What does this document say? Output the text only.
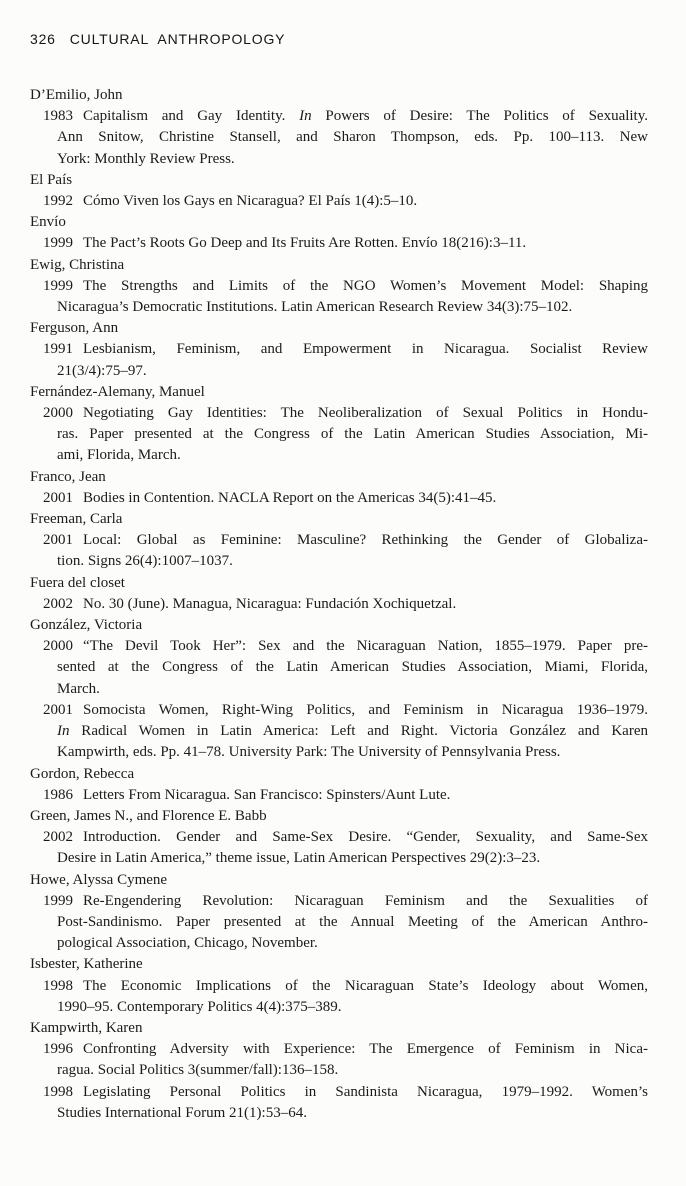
326 CULTURAL ANTHROPOLOGY
D’Emilio, John
1983 Capitalism and Gay Identity. In Powers of Desire: The Politics of Sexuality.
Ann Snitow, Christine Stansell, and Sharon Thompson, eds. Pp. 100–113. New
York: Monthly Review Press.
El País
1992 Cómo Viven los Gays en Nicaragua? El País 1(4):5–10.
Envío
1999 The Pact’s Roots Go Deep and Its Fruits Are Rotten. Envío 18(216):3–11.
Ewig, Christina
1999 The Strengths and Limits of the NGO Women’s Movement Model: Shaping
Nicaragua’s Democratic Institutions. Latin American Research Review 34(3):75–102.
Ferguson, Ann
1991 Lesbianism, Feminism, and Empowerment in Nicaragua. Socialist Review
21(3/4):75–97.
Fernández-Alemany, Manuel
2000 Negotiating Gay Identities: The Neoliberalization of Sexual Politics in Hondu-
ras. Paper presented at the Congress of the Latin American Studies Association, Mi-
ami, Florida, March.
Franco, Jean
2001 Bodies in Contention. NACLA Report on the Americas 34(5):41–45.
Freeman, Carla
2001 Local: Global as Feminine: Masculine? Rethinking the Gender of Globaliza-
tion. Signs 26(4):1007–1037.
Fuera del closet
2002 No. 30 (June). Managua, Nicaragua: Fundación Xochiquetzal.
González, Victoria
2000 “The Devil Took Her”: Sex and the Nicaraguan Nation, 1855–1979. Paper pre-
sented at the Congress of the Latin American Studies Association, Miami, Florida,
March.
2001 Somocista Women, Right-Wing Politics, and Feminism in Nicaragua 1936–1979.
In Radical Women in Latin America: Left and Right. Victoria González and Karen
Kampwirth, eds. Pp. 41–78. University Park: The University of Pennsylvania Press.
Gordon, Rebecca
1986 Letters From Nicaragua. San Francisco: Spinsters/Aunt Lute.
Green, James N., and Florence E. Babb
2002 Introduction. Gender and Same-Sex Desire. “Gender, Sexuality, and Same-Sex
Desire in Latin America,” theme issue, Latin American Perspectives 29(2):3–23.
Howe, Alyssa Cymene
1999 Re-Engendering Revolution: Nicaraguan Feminism and the Sexualities of
Post-Sandinismo. Paper presented at the Annual Meeting of the American Anthro-
pological Association, Chicago, November.
Isbester, Katherine
1998 The Economic Implications of the Nicaraguan State’s Ideology about Women,
1990–95. Contemporary Politics 4(4):375–389.
Kampwirth, Karen
1996 Confronting Adversity with Experience: The Emergence of Feminism in Nica-
ragua. Social Politics 3(summer/fall):136–158.
1998 Legislating Personal Politics in Sandinista Nicaragua, 1979–1992. Women’s
Studies International Forum 21(1):53–64.
